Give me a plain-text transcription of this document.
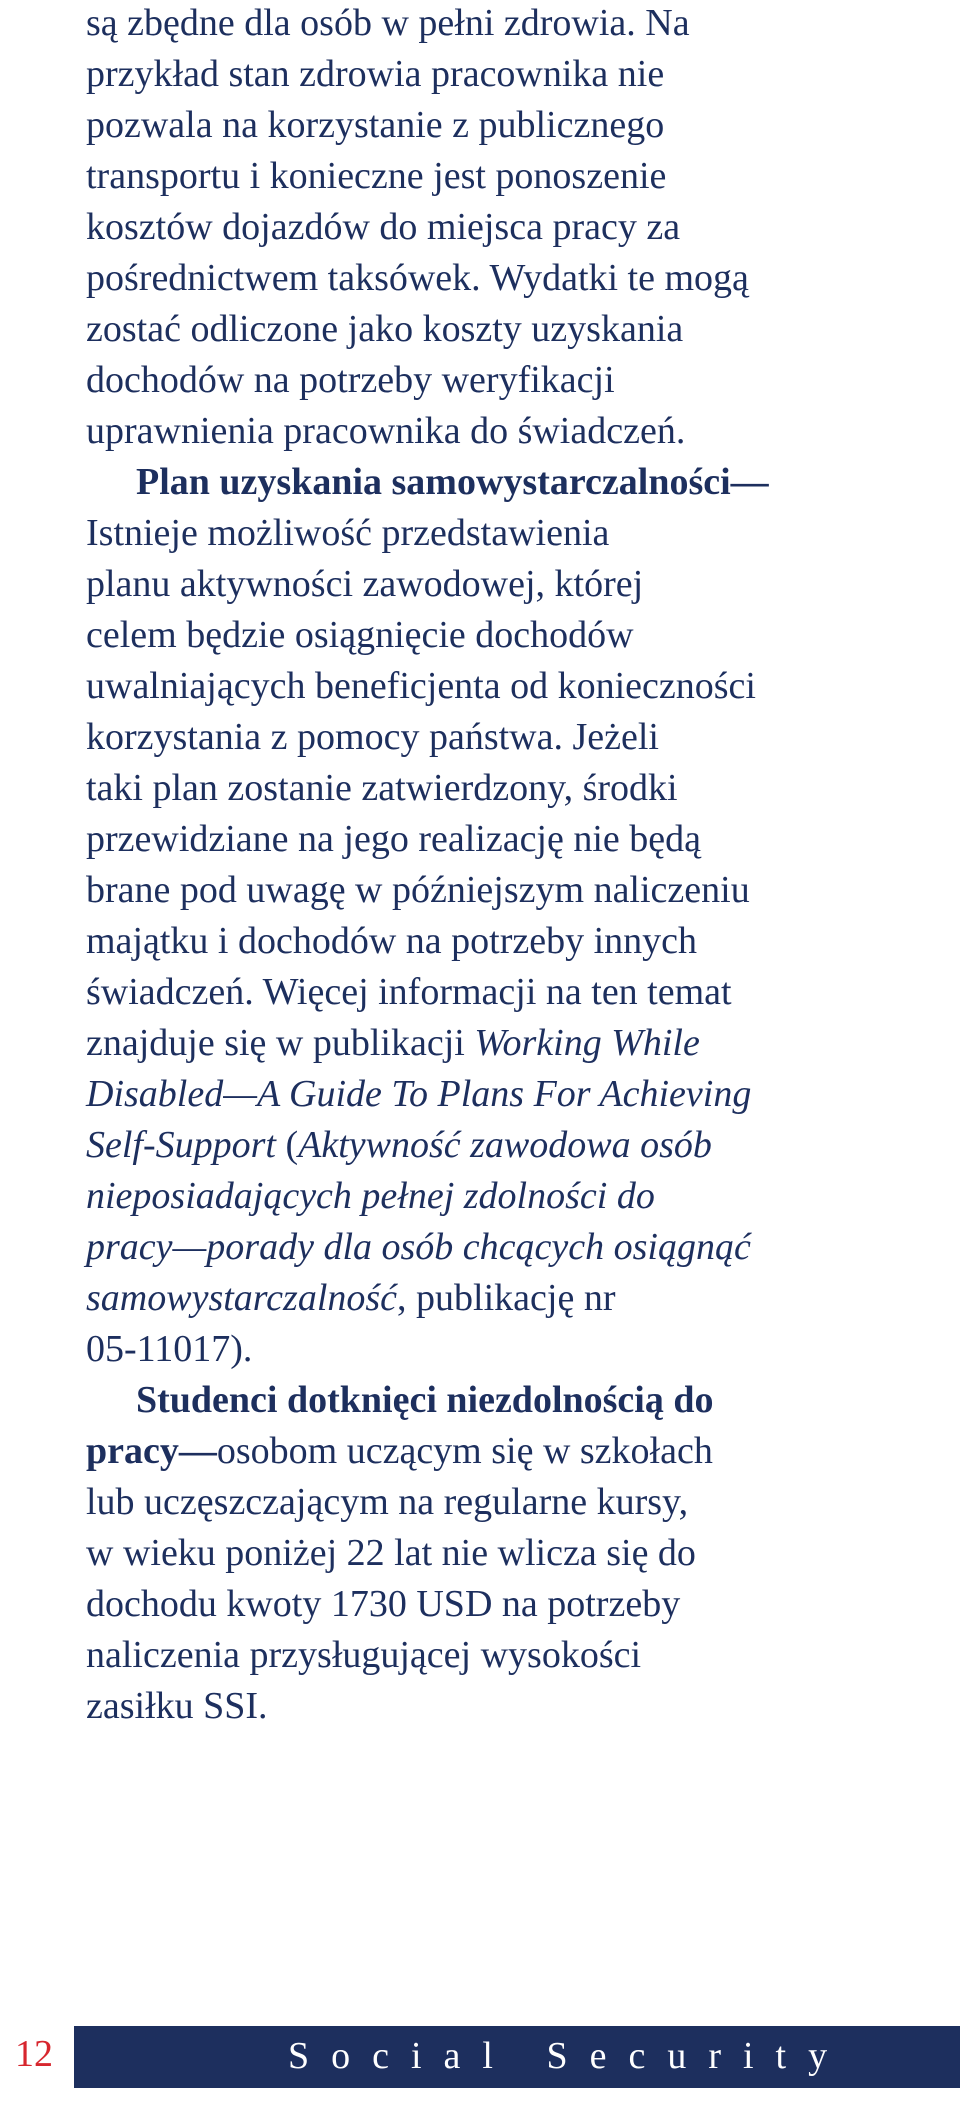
są zbędne dla osób w pełni zdrowia. Na
przykład stan zdrowia pracownika nie
pozwala na korzystanie z publicznego
transportu i konieczne jest ponoszenie
kosztów dojazdów do miejsca pracy za
pośrednictwem taksówek. Wydatki te mogą
zostać odliczone jako koszty uzyskania
dochodów na potrzeby weryfikacji
uprawnienia pracownika do świadczeń.

Plan uzyskania samowystarczalności—
Istnieje możliwość przedstawienia
planu aktywności zawodowej, której
celem będzie osiągnięcie dochodów
uwalniających beneficjenta od konieczności
korzystania z pomocy państwa. Jeżeli
taki plan zostanie zatwierdzony, środki
przewidziane na jego realizację nie będą
brane pod uwagę w późniejszym naliczeniu
majątku i dochodów na potrzeby innych
świadczeń. Więcej informacji na ten temat
znajduje się w publikacji Working While
Disabled—A Guide To Plans For Achieving
Self-Support (Aktywność zawodowa osób
nieposiadających pełnej zdolności do
pracy—porady dla osób chcących osiągnąć
samowystarczalność, publikację nr
05-11017).

Studenci dotknięci niezdolnością do
pracy—osobom uczącym się w szkołach
lub uczęszczającym na regularne kursy,
w wieku poniżej 22 lat nie wlicza się do
dochodu kwoty 1730 USD na potrzeby
naliczenia przysługującej wysokości
zasiłku SSI.

12	Social Security
